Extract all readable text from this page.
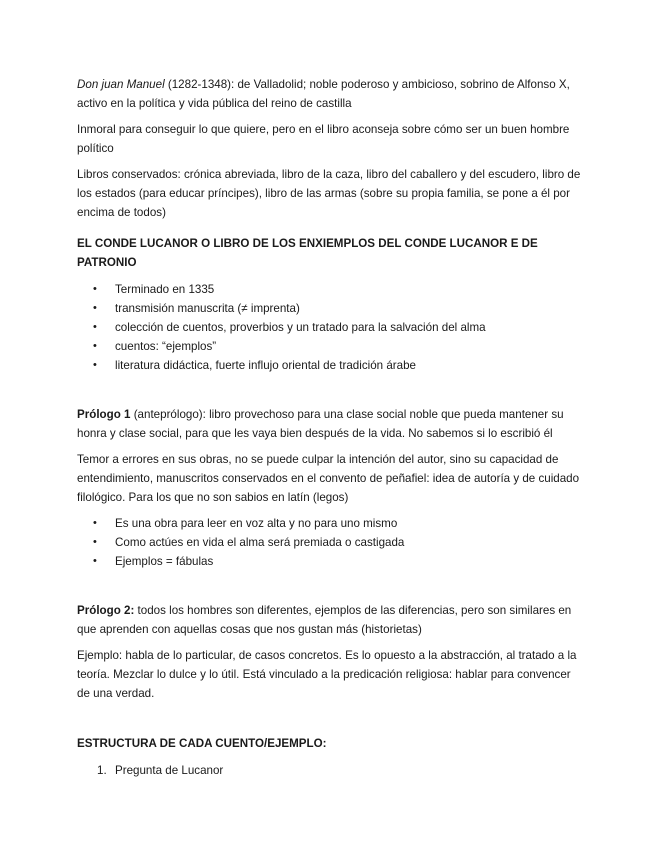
Don juan Manuel (1282-1348): de Valladolid; noble poderoso y ambicioso, sobrino de Alfonso X, activo en la política y vida pública del reino de castilla

Inmoral para conseguir lo que quiere, pero en el libro aconseja sobre cómo ser un buen hombre político

Libros conservados: crónica abreviada, libro de la caza, libro del caballero y del escudero, libro de los estados (para educar príncipes), libro de las armas (sobre su propia familia, se pone a él por encima de todos)

EL CONDE LUCANOR O LIBRO DE LOS ENXIEMPLOS DEL CONDE LUCANOR E DE PATRONIO

• Terminado en 1335
• transmisión manuscrita (≠ imprenta)
• colección de cuentos, proverbios y un tratado para la salvación del alma
• cuentos: “ejemplos”
• literatura didáctica, fuerte influjo oriental de tradición árabe

Prólogo 1 (anteprólogo): libro provechoso para una clase social noble que pueda mantener su honra y clase social, para que les vaya bien después de la vida. No sabemos si lo escribió él

Temor a errores en sus obras, no se puede culpar la intención del autor, sino su capacidad de entendimiento, manuscritos conservados en el convento de peñafiel: idea de autoría y de cuidado filológico. Para los que no son sabios en latín (legos)

• Es una obra para leer en voz alta y no para uno mismo
• Como actúes en vida el alma será premiada o castigada
• Ejemplos = fábulas

Prólogo 2: todos los hombres son diferentes, ejemplos de las diferencias, pero son similares en que aprenden con aquellas cosas que nos gustan más (historietas)

Ejemplo: habla de lo particular, de casos concretos. Es lo opuesto a la abstracción, al tratado a la teoría. Mezclar lo dulce y lo útil. Está vinculado a la predicación religiosa: hablar para convencer de una verdad.

ESTRUCTURA DE CADA CUENTO/EJEMPLO:

1. Pregunta de Lucanor
